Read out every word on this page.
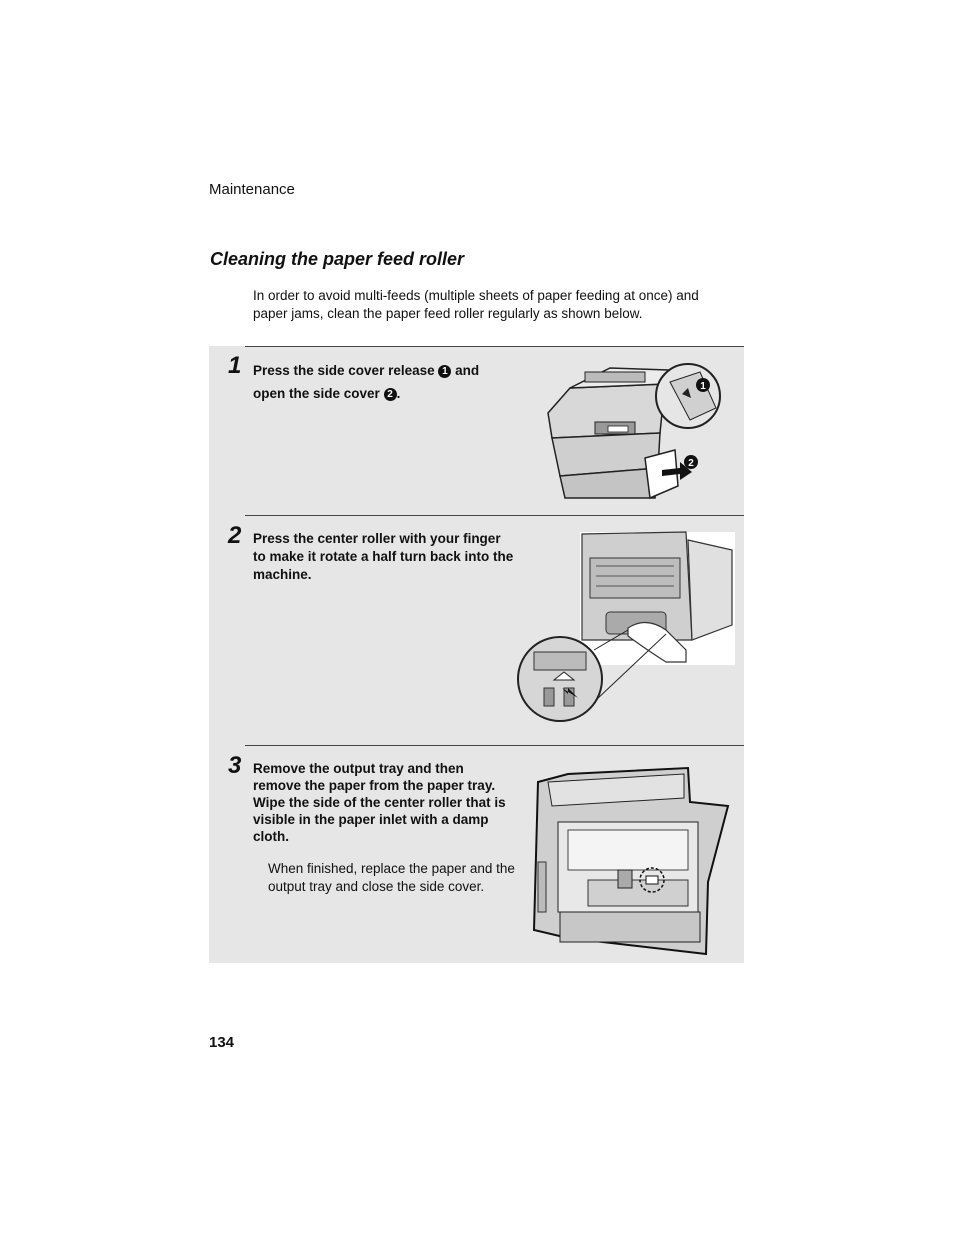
Maintenance
Cleaning the paper feed roller
In order to avoid multi-feeds (multiple sheets of paper feeding at once) and paper jams, clean the paper feed roller regularly as shown below.
1 Press the side cover release 1 and
open the side cover 2 .	1
2
2 Press the center roller with your finger to make it rotate a half turn back into the machine.
3 Remove the output tray and then remove the paper from the paper tray. Wipe the side of the center roller that is visible in the paper inlet with a damp cloth.
When finished, replace the paper and the output tray and close the side cover.
134
